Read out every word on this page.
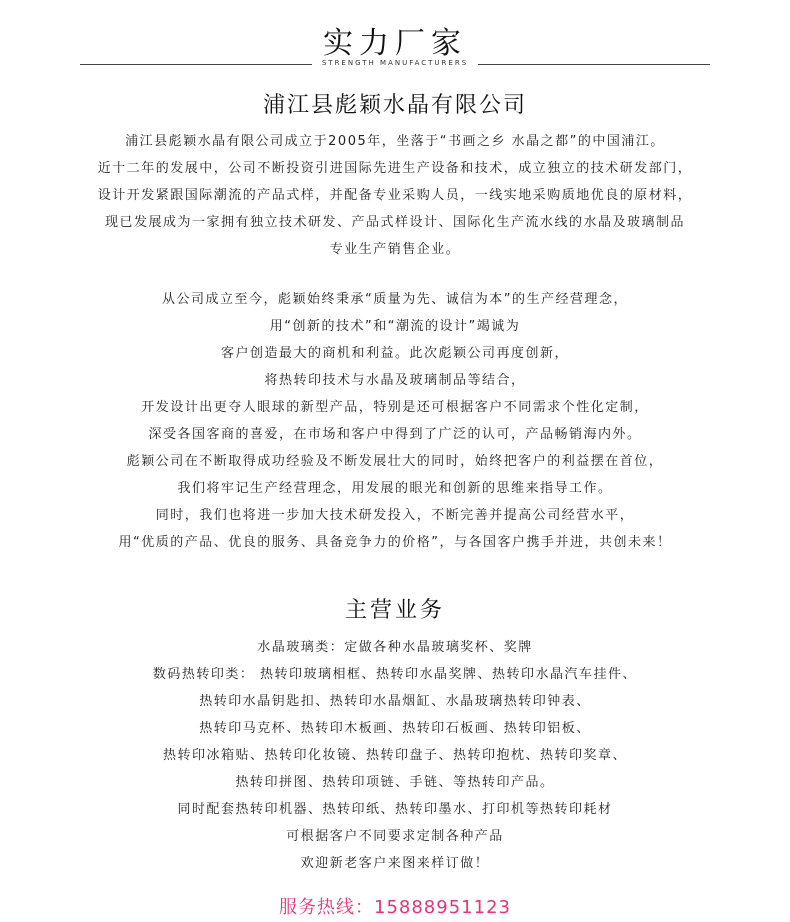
实力厂家
STRENGTH MANUFACTURERS
浦江县彪颖水晶有限公司
浦江县彪颖水晶有限公司成立于2005年，坐落于“书画之乡 水晶之都”的中国浦江。
近十二年的发展中，公司不断投资引进国际先进生产设备和技术，成立独立的技术研发部门，
设计开发紧跟国际潮流的产品式样，并配备专业采购人员，一线实地采购质地优良的原材料，
现已发展成为一家拥有独立技术研发、产品式样设计、国际化生产流水线的水晶及玻璃制品
专业生产销售企业。
从公司成立至今，彪颖始终秉承“质量为先、诚信为本”的生产经营理念，
用“创新的技术”和“潮流的设计”竭诚为
客户创造最大的商机和利益。此次彪颖公司再度创新，
将热转印技术与水晶及玻璃制品等结合，
开发设计出更夺人眼球的新型产品，特别是还可根据客户不同需求个性化定制，
深受各国客商的喜爱，在市场和客户中得到了广泛的认可，产品畅销海内外。
彪颖公司在不断取得成功经验及不断发展壮大的同时，始终把客户的利益摆在首位，
我们将牢记生产经营理念，用发展的眼光和创新的思维来指导工作。
同时，我们也将进一步加大技术研发投入，不断完善并提高公司经营水平，
用“优质的产品、优良的服务、具备竞争力的价格”，与各国客户携手并进，共创未来！
主营业务
水晶玻璃类：定做各种水晶玻璃奖杯、奖牌
数码热转印类： 热转印玻璃相框、热转印水晶奖牌、热转印水晶汽车挂件、
热转印水晶钥匙扣、热转印水晶烟缸、水晶玻璃热转印钟表、
热转印马克杯、热转印木板画、热转印石板画、热转印铝板、
热转印冰箱贴、热转印化妆镜、热转印盘子、热转印抱枕、热转印奖章、
热转印拼图、热转印项链、手链、等热转印产品。
同时配套热转印机器、热转印纸、热转印墨水、打印机等热转印耗材
可根据客户不同要求定制各种产品
欢迎新老客户来图来样订做！
服务热线：15888951123
